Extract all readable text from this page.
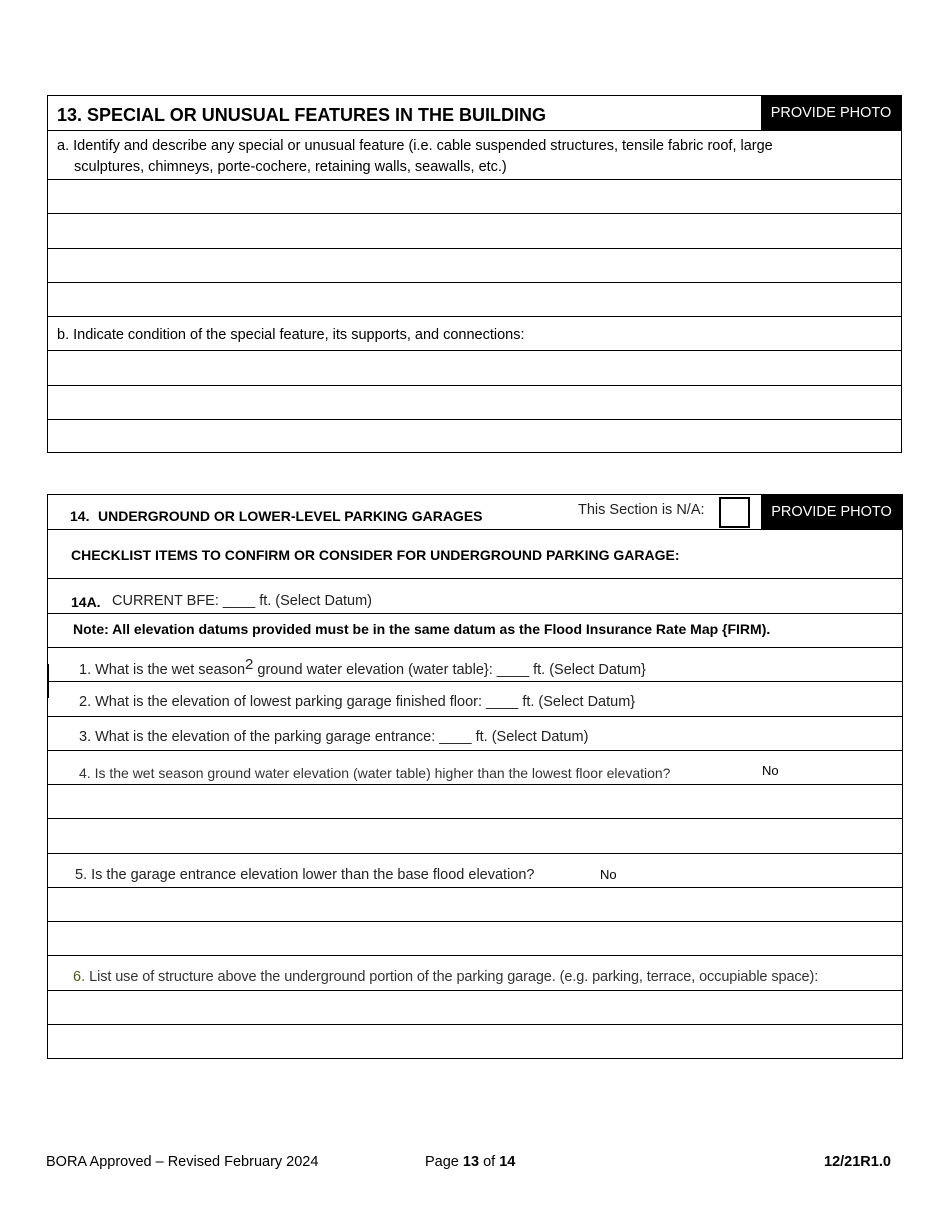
13. SPECIAL OR UNUSUAL FEATURES IN THE BUILDING	PROVIDE PHOTO
a. Identify and describe any special or unusual feature (i.e. cable suspended structures, tensile fabric roof, large
sculptures, chimneys, porte-cochere, retaining walls, seawalls, etc.)
b. Indicate condition of the special feature, its supports, and connections:
14. UNDERGROUND OR LOWER-LEVEL PARKING GARAGES	This Section is N/A:	PROVIDE PHOTO
CHECKLIST ITEMS TO CONFIRM OR CONSIDER FOR UNDERGROUND PARKING GARAGE:
14A. CURRENT BFE: ____ ft. (Select Datum)
Note: All elevation datums provided must be in the same datum as the Flood Insurance Rate Map {FIRM).
1. What is the wet season2 ground water elevation (water table}: ____ ft. (Select Datum}
2. What is the elevation of lowest parking garage finished floor: ____ ft. (Select Datum}
3. What is the elevation of the parking garage entrance: ____ ft. (Select Datum)
4. Is the wet season ground water elevation (water table) higher than the lowest floor elevation?	No
5. Is the garage entrance elevation lower than the base flood elevation?	No
6. List use of structure above the underground portion of the parking garage. (e.g. parking, terrace, occupiable space):
BORA Approved – Revised February 2024	Page 13 of 14	12/21R1.0
